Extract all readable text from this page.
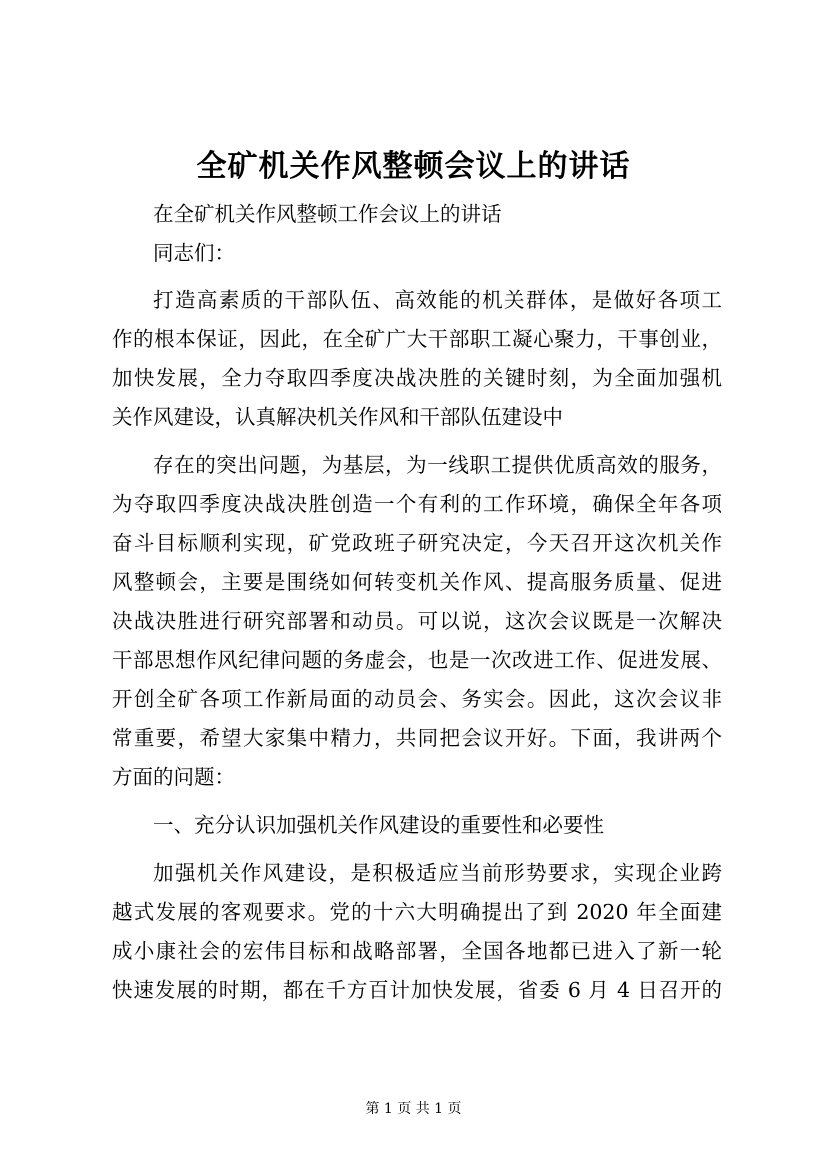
全矿机关作风整顿会议上的讲话
在全矿机关作风整顿工作会议上的讲话
同志们：
打造高素质的干部队伍、高效能的机关群体，是做好各项工
作的根本保证，因此，在全矿广大干部职工凝心聚力，干事创业，
加快发展，全力夺取四季度决战决胜的关键时刻，为全面加强机
关作风建设，认真解决机关作风和干部队伍建设中
存在的突出问题，为基层，为一线职工提供优质高效的服务，
为夺取四季度决战决胜创造一个有利的工作环境，确保全年各项
奋斗目标顺利实现，矿党政班子研究决定，今天召开这次机关作
风整顿会，主要是围绕如何转变机关作风、提高服务质量、促进
决战决胜进行研究部署和动员。可以说，这次会议既是一次解决
干部思想作风纪律问题的务虚会，也是一次改进工作、促进发展、
开创全矿各项工作新局面的动员会、务实会。因此，这次会议非
常重要，希望大家集中精力，共同把会议开好。下面，我讲两个
方面的问题：
一、充分认识加强机关作风建设的重要性和必要性
加强机关作风建设，是积极适应当前形势要求，实现企业跨
越式发展的客观要求。党的十六大明确提出了到 2020 年全面建
成小康社会的宏伟目标和战略部署，全国各地都已进入了新一轮
快速发展的时期，都在千方百计加快发展，省委 6 月 4 日召开的
第 1 页 共 1 页
